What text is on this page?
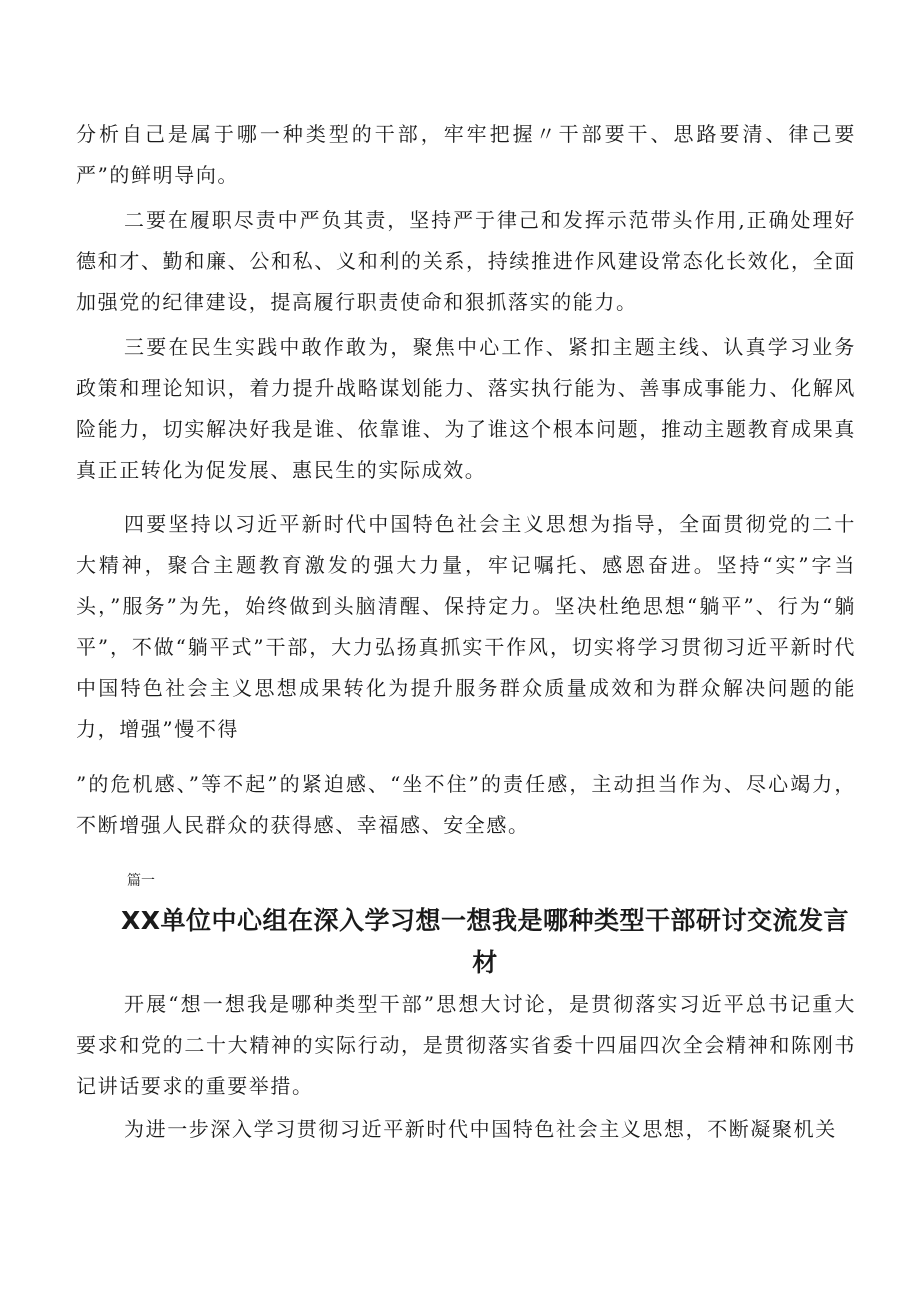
分析自己是属于哪一种类型的干部，牢牢把握〃干部要干、思路要清、律己要严”的鲜明导向。

二要在履职尽责中严负其责，坚持严于律己和发挥示范带头作用,正确处理好德和才、勤和廉、公和私、义和利的关系，持续推进作风建设常态化长效化，全面加强党的纪律建设，提高履行职责使命和狠抓落实的能力。

三要在民生实践中敢作敢为，聚焦中心工作、紧扣主题主线、认真学习业务政策和理论知识，着力提升战略谋划能力、落实执行能为、善事成事能力、化解风险能力，切实解决好我是谁、依靠谁、为了谁这个根本问题，推动主题教育成果真真正正转化为促发展、惠民生的实际成效。

四要坚持以习近平新时代中国特色社会主义思想为指导，全面贯彻党的二十大精神，聚合主题教育激发的强大力量，牢记嘱托、感恩奋进。坚持“实”字当头，”服务”为先，始终做到头脑清醒、保持定力。坚决杜绝思想“躺平”、行为“躺平”，不做“躺平式”干部，大力弘扬真抓实干作风，切实将学习贯彻习近平新时代中国特色社会主义思想成果转化为提升服务群众质量成效和为群众解决问题的能力，增强”慢不得

”的危机感、”等不起”的紧迫感、“坐不住”的责任感，主动担当作为、尽心竭力，不断增强人民群众的获得感、幸福感、安全感。

篇一

XX单位中心组在深入学习想一想我是哪种类型干部研讨交流发言材

开展“想一想我是哪种类型干部”思想大讨论，是贯彻落实习近平总书记重大要求和党的二十大精神的实际行动，是贯彻落实省委十四届四次全会精神和陈刚书记讲话要求的重要举措。

为进一步深入学习贯彻习近平新时代中国特色社会主义思想，不断凝聚机关
